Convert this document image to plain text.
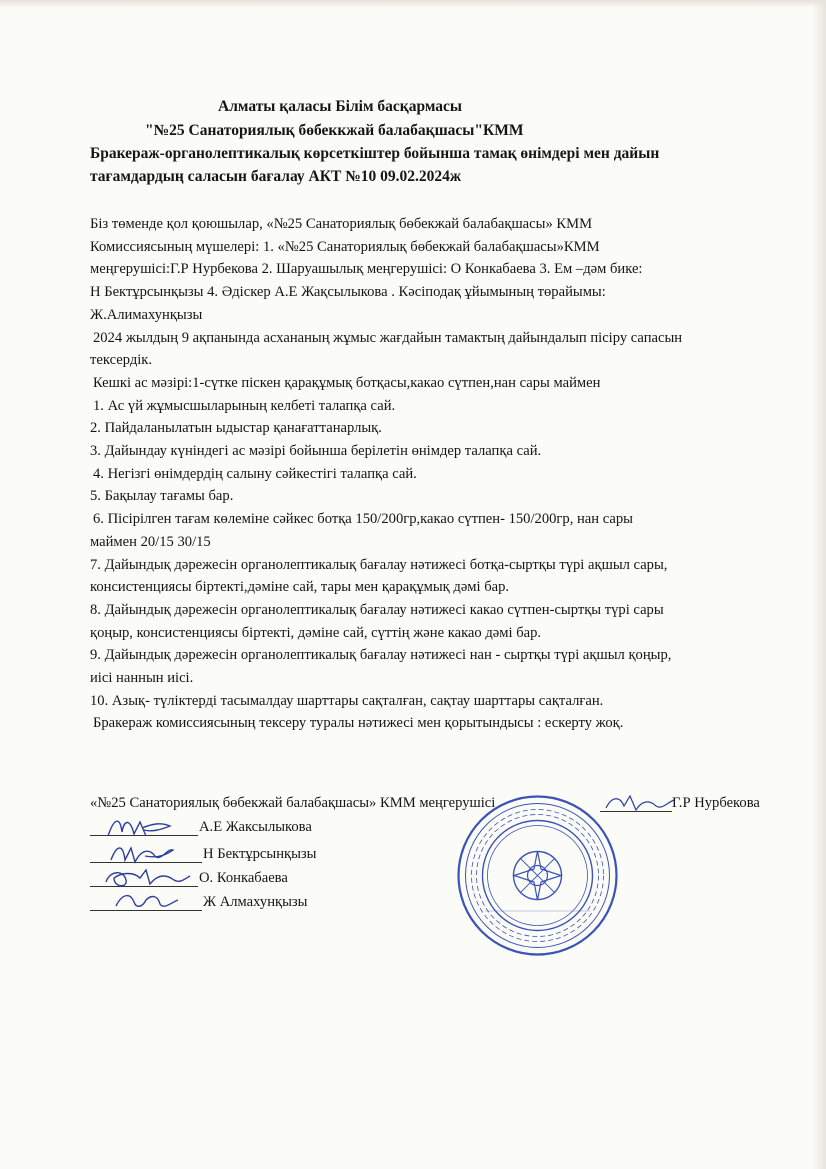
Алматы қаласы Білім басқармасы
"№25 Санаториялық бөбеккжай балабақшасы"КММ
Бракераж-органолептикалық көрсеткіштер бойынша тамақ өнімдері мен дайын
тағамдардың саласын бағалау АКТ №10 09.02.2024ж

Біз төменде қол қоюшылар, «№25 Санаториялық бөбекжай балабақшасы» КММ

Комиссиясының мүшелері: 1. «№25 Санаториялық бөбекжай балабақшасы»КММ

меңгерушісі:Г.Р Нурбекова 2. Шаруашылық меңгерушісі: О Конкабаева 3. Ем –дәм бике:

Н Бектұрсынқызы 4. Әдіскер А.Е Жақсылыкова . Кәсіподақ ұйымының төрайымы:

Ж.Алимахунқызы

2024 жылдың 9 ақпанында асхананың жұмыс жағдайын тамактың дайындалып пісіру сапасын

тексердік.

Кешкі ас мәзірі:1-сүтке піскен қарақұмық ботқасы,какао сүтпен,нан сары маймен

1. Ас үй жұмысшыларының келбеті талапқа сай.

2. Пайдаланылатын ыдыстар қанағаттанарлық.

3. Дайындау күніндегі ас мәзірі бойынша берілетін өнімдер талапқа сай.

4. Негізгі өнімдердің салыну сәйкестігі талапқа сай.

5. Бақылау тағамы бар.

6. Пісірілген тағам көлеміне сәйкес ботқа 150/200гр,какао сүтпен- 150/200гр, нан сары

маймен 20/15 30/15

7. Дайындық дәрежесін органолептикалық бағалау нәтижесі ботқа-сыртқы түрі ақшыл сары,

консистенциясы біртекті,дәміне сай, тары мен қарақұмық дәмі бар.

8. Дайындық дәрежесін органолептикалық бағалау нәтижесі какао сүтпен-сыртқы түрі сары

қоңыр, консистенциясы біртекті, дәміне сай, сүттің және какао дәмі бар.

9. Дайындық дәрежесін органолептикалық бағалау нәтижесі нан - сыртқы түрі ақшыл қоңыр,

иісі наннын иісі.

10. Азық- түліктерді тасымалдау шарттары сақталған, сақтау шарттары сақталған.

Бракераж комиссиясының тексеру туралы нәтижесі мен қорытындысы : ескерту жоқ.

«№25 Санаториялық бөбекжай балабақшасы» КММ меңгерушісі	Г.Р Нурбекова
А.Е Жаксылыкова
Н Бектұрсынқызы
О. Конкабаева
Ж Алмахунқызы
